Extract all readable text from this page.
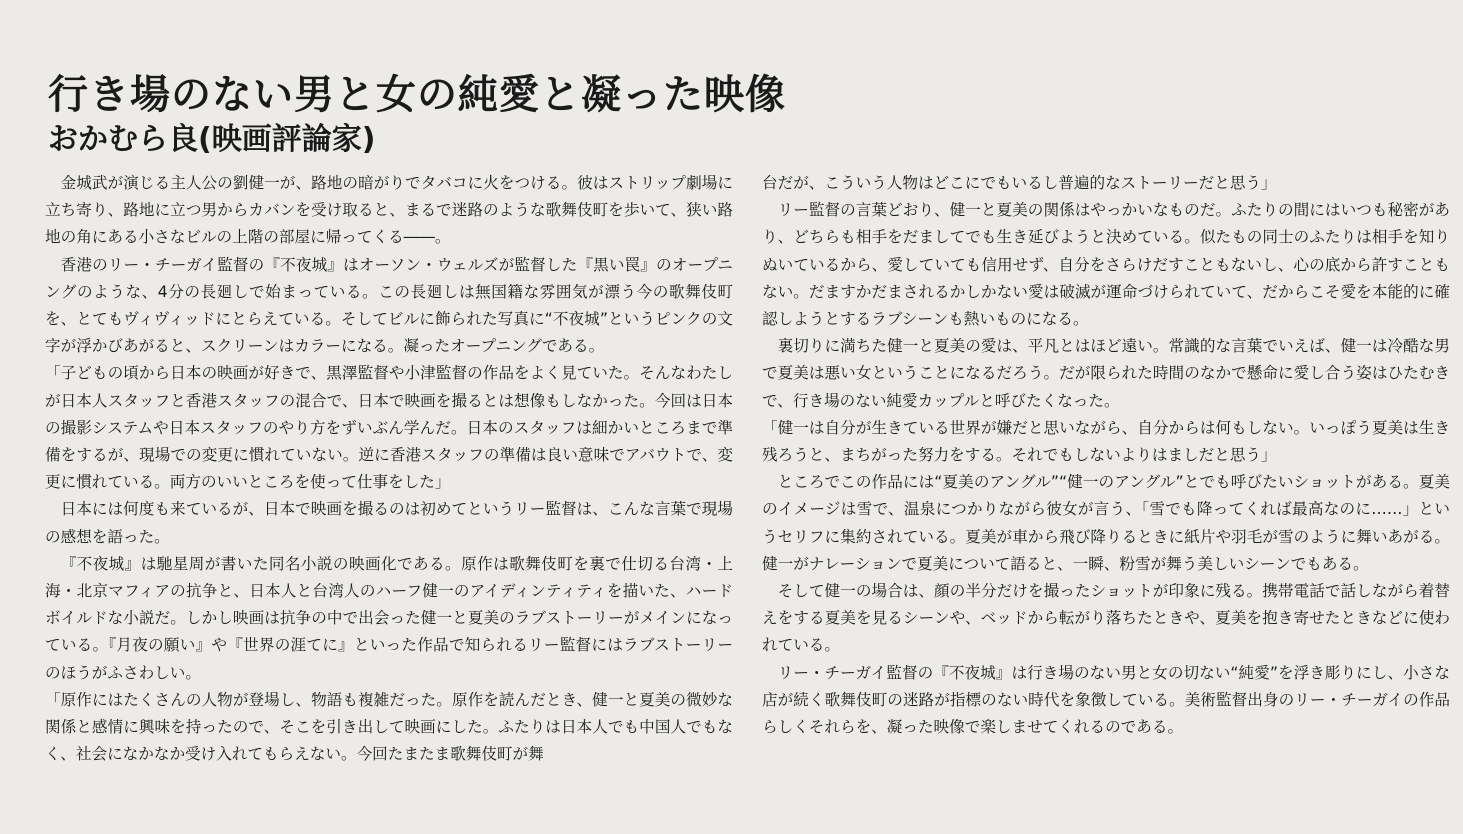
行き場のない男と女の純愛と凝った映像
おかむら良(映画評論家)

金城武が演じる主人公の劉健一が、路地の暗がりでタバコに火をつける。彼はストリップ劇場に立ち寄り、路地に立つ男からカバンを受け取ると、まるで迷路のような歌舞伎町を歩いて、狭い路地の角にある小さなビルの上階の部屋に帰ってくる――。

香港のリー・チーガイ監督の『不夜城』はオーソン・ウェルズが監督した『黒い罠』のオープニングのような、4分の長廻しで始まっている。この長廻しは無国籍な雰囲気が漂う今の歌舞伎町を、とてもヴィヴィッドにとらえている。そしてビルに飾られた写真に“不夜城”というピンクの文字が浮かびあがると、スクリーンはカラーになる。凝ったオープニングである。

「子どもの頃から日本の映画が好きで、黒澤監督や小津監督の作品をよく見ていた。そんなわたしが日本人スタッフと香港スタッフの混合で、日本で映画を撮るとは想像もしなかった。今回は日本の撮影システムや日本スタッフのやり方をずいぶん学んだ。日本のスタッフは細かいところまで準備をするが、現場での変更に慣れていない。逆に香港スタッフの準備は良い意味でアバウトで、変更に慣れている。両方のいいところを使って仕事をした」

日本には何度も来ているが、日本で映画を撮るのは初めてというリー監督は、こんな言葉で現場の感想を語った。

『不夜城』は馳星周が書いた同名小説の映画化である。原作は歌舞伎町を裏で仕切る台湾・上海・北京マフィアの抗争と、日本人と台湾人のハーフ健一のアイディンティティを描いた、ハードボイルドな小説だ。しかし映画は抗争の中で出会った健一と夏美のラブストーリーがメインになっている。『月夜の願い』や『世界の涯てに』といった作品で知られるリー監督にはラブストーリーのほうがふさわしい。

「原作にはたくさんの人物が登場し、物語も複雑だった。原作を読んだとき、健一と夏美の微妙な関係と感情に興味を持ったので、そこを引き出して映画にした。ふたりは日本人でも中国人でもなく、社会になかなか受け入れてもらえない。今回たまたま歌舞伎町が舞

台だが、こういう人物はどこにでもいるし普遍的なストーリーだと思う」

リー監督の言葉どおり、健一と夏美の関係はやっかいなものだ。ふたりの間にはいつも秘密があり、どちらも相手をだましてでも生き延びようと決めている。似たもの同士のふたりは相手を知りぬいているから、愛していても信用せず、自分をさらけだすこともないし、心の底から許すこともない。だますかだまされるかしかない愛は破滅が運命づけられていて、だからこそ愛を本能的に確認しようとするラブシーンも熱いものになる。

裏切りに満ちた健一と夏美の愛は、平凡とはほど遠い。常識的な言葉でいえば、健一は冷酷な男で夏美は悪い女ということになるだろう。だが限られた時間のなかで懸命に愛し合う姿はひたむきで、行き場のない純愛カップルと呼びたくなった。

「健一は自分が生きている世界が嫌だと思いながら、自分からは何もしない。いっぽう夏美は生き残ろうと、まちがった努力をする。それでもしないよりはましだと思う」

ところでこの作品には“夏美のアングル”“健一のアングル”とでも呼びたいショットがある。夏美のイメージは雪で、温泉につかりながら彼女が言う、「雪でも降ってくれば最高なのに……」というセリフに集約されている。夏美が車から飛び降りるときに紙片や羽毛が雪のように舞いあがる。健一がナレーションで夏美について語ると、一瞬、粉雪が舞う美しいシーンでもある。

そして健一の場合は、顔の半分だけを撮ったショットが印象に残る。携帯電話で話しながら着替えをする夏美を見るシーンや、ベッドから転がり落ちたときや、夏美を抱き寄せたときなどに使われている。

リー・チーガイ監督の『不夜城』は行き場のない男と女の切ない“純愛”を浮き彫りにし、小さな店が続く歌舞伎町の迷路が指標のない時代を象徴している。美術監督出身のリー・チーガイの作品らしくそれらを、凝った映像で楽しませてくれるのである。
